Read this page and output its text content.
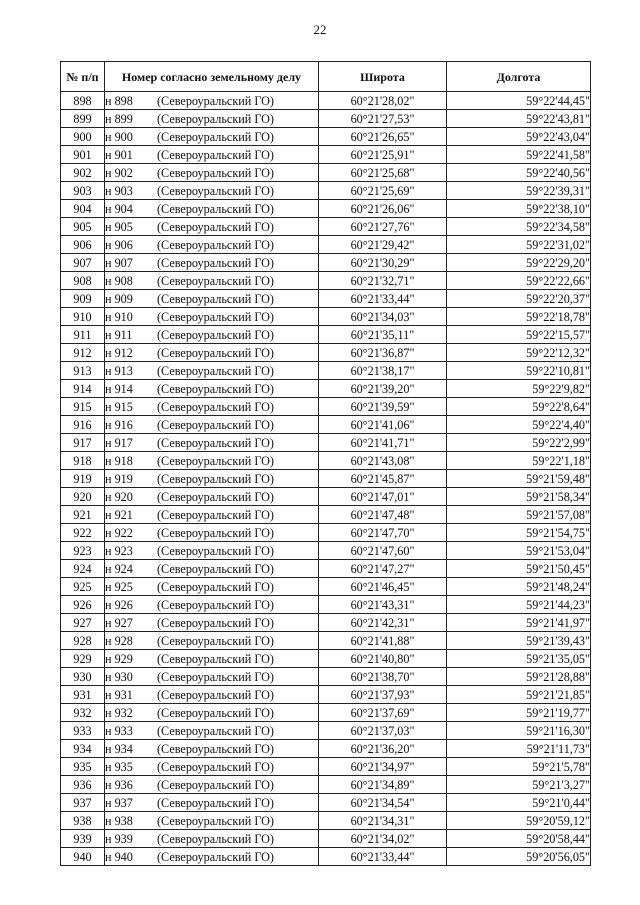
22
№ п/п	Номер согласно земельному делу	Широта	Долгота
898	н 898 (Североуральский ГО)	60°21'28,02"	59°22'44,45"
899	н 899 (Североуральский ГО)	60°21'27,53"	59°22'43,81"
900	н 900 (Североуральский ГО)	60°21'26,65"	59°22'43,04"
901	н 901 (Североуральский ГО)	60°21'25,91"	59°22'41,58"
902	н 902 (Североуральский ГО)	60°21'25,68"	59°22'40,56"
903	н 903 (Североуральский ГО)	60°21'25,69"	59°22'39,31"
904	н 904 (Североуральский ГО)	60°21'26,06"	59°22'38,10"
905	н 905 (Североуральский ГО)	60°21'27,76"	59°22'34,58"
906	н 906 (Североуральский ГО)	60°21'29,42"	59°22'31,02"
907	н 907 (Североуральский ГО)	60°21'30,29"	59°22'29,20"
908	н 908 (Североуральский ГО)	60°21'32,71"	59°22'22,66"
909	н 909 (Североуральский ГО)	60°21'33,44"	59°22'20,37"
910	н 910 (Североуральский ГО)	60°21'34,03"	59°22'18,78"
911	н 911 (Североуральский ГО)	60°21'35,11"	59°22'15,57"
912	н 912 (Североуральский ГО)	60°21'36,87"	59°22'12,32"
913	н 913 (Североуральский ГО)	60°21'38,17"	59°22'10,81"
914	н 914 (Североуральский ГО)	60°21'39,20"	59°22'9,82"
915	н 915 (Североуральский ГО)	60°21'39,59"	59°22'8,64"
916	н 916 (Североуральский ГО)	60°21'41,06"	59°22'4,40"
917	н 917 (Североуральский ГО)	60°21'41,71"	59°22'2,99"
918	н 918 (Североуральский ГО)	60°21'43,08"	59°22'1,18"
919	н 919 (Североуральский ГО)	60°21'45,87"	59°21'59,48"
920	н 920 (Североуральский ГО)	60°21'47,01"	59°21'58,34"
921	н 921 (Североуральский ГО)	60°21'47,48"	59°21'57,08"
922	н 922 (Североуральский ГО)	60°21'47,70"	59°21'54,75"
923	н 923 (Североуральский ГО)	60°21'47,60"	59°21'53,04"
924	н 924 (Североуральский ГО)	60°21'47,27"	59°21'50,45"
925	н 925 (Североуральский ГО)	60°21'46,45"	59°21'48,24"
926	н 926 (Североуральский ГО)	60°21'43,31"	59°21'44,23"
927	н 927 (Североуральский ГО)	60°21'42,31"	59°21'41,97"
928	н 928 (Североуральский ГО)	60°21'41,88"	59°21'39,43"
929	н 929 (Североуральский ГО)	60°21'40,80"	59°21'35,05"
930	н 930 (Североуральский ГО)	60°21'38,70"	59°21'28,88"
931	н 931 (Североуральский ГО)	60°21'37,93"	59°21'21,85"
932	н 932 (Североуральский ГО)	60°21'37,69"	59°21'19,77"
933	н 933 (Североуральский ГО)	60°21'37,03"	59°21'16,30"
934	н 934 (Североуральский ГО)	60°21'36,20"	59°21'11,73"
935	н 935 (Североуральский ГО)	60°21'34,97"	59°21'5,78"
936	н 936 (Североуральский ГО)	60°21'34,89"	59°21'3,27"
937	н 937 (Североуральский ГО)	60°21'34,54"	59°21'0,44"
938	н 938 (Североуральский ГО)	60°21'34,31"	59°20'59,12"
939	н 939 (Североуральский ГО)	60°21'34,02"	59°20'58,44"
940	н 940 (Североуральский ГО)	60°21'33,44"	59°20'56,05"
